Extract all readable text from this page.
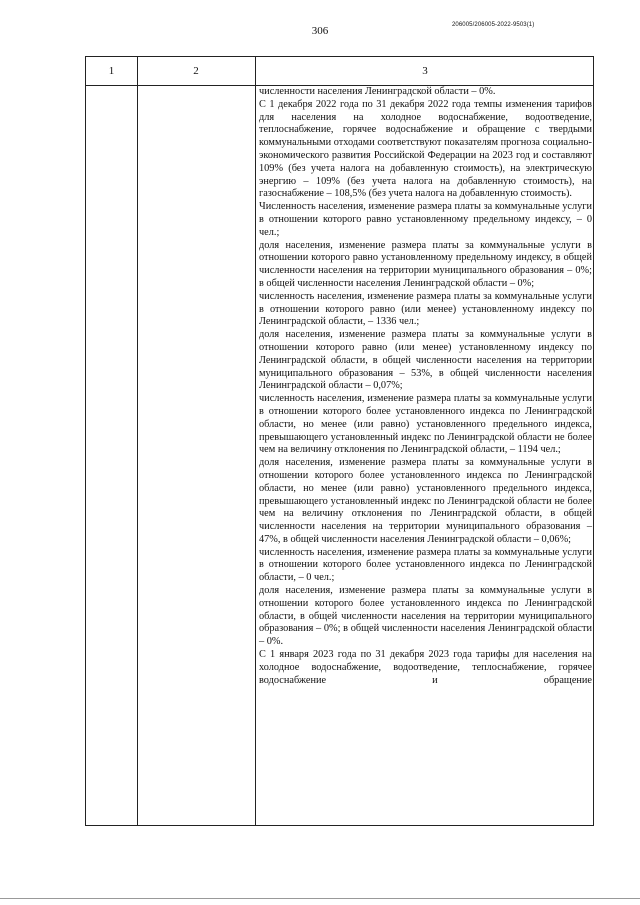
306	206005/206005-2022-9503(1)
1	2	3

численности населения Ленинградской области – 0%.

С 1 декабря 2022 года по 31 декабря 2022 года темпы изменения тарифов для населения на холодное водоснабжение, водоотведение, теплоснабжение, горячее водоснабжение и обращение с твердыми коммунальными отходами соответствуют показателям прогноза социально-экономического развития Российской Федерации на 2023 год и составляют 109% (без учета налога на добавленную стоимость), на электрическую энергию – 109% (без учета налога на добавленную стоимость), на газоснабжение – 108,5% (без учета налога на добавленную стоимость).

Численность населения, изменение размера платы за коммунальные услуги в отношении которого равно установленному предельному индексу, – 0 чел.;

доля населения, изменение размера платы за коммунальные услуги в отношении которого равно установленному предельному индексу, в общей численности населения на территории муниципального образования – 0%; в общей численности населения Ленинградской области – 0%;

численность населения, изменение размера платы за коммунальные услуги в отношении которого равно (или менее) установленному индексу по Ленинградской области, – 1336 чел.;

доля населения, изменение размера платы за коммунальные услуги в отношении которого равно (или менее) установленному индексу по Ленинградской области, в общей численности населения на территории муниципального образования – 53%, в общей численности населения Ленинградской области – 0,07%;

численность населения, изменение размера платы за коммунальные услуги в отношении которого более установленного индекса по Ленинградской области, но менее (или равно) установленного предельного индекса, превышающего установленный индекс по Ленинградской области не более чем на величину отклонения по Ленинградской области, – 1194 чел.;

доля населения, изменение размера платы за коммунальные услуги в отношении которого более установленного индекса по Ленинградской области, но менее (или равно) установленного предельного индекса, превышающего установленный индекс по Ленинградской области не более чем на величину отклонения по Ленинградской области, в общей численности населения на территории муниципального образования – 47%, в общей численности населения Ленинградской области – 0,06%;

численность населения, изменение размера платы за коммунальные услуги в отношении которого более установленного индекса по Ленинградской области, – 0 чел.;

доля населения, изменение размера платы за коммунальные услуги в отношении которого более установленного индекса по Ленинградской области, в общей численности населения на территории муниципального образования – 0%; в общей численности населения Ленинградской области – 0%.

С 1 января 2023 года по 31 декабря 2023 года тарифы для населения на холодное водоснабжение, водоотведение, теплоснабжение, горячее водоснабжение и обращение
